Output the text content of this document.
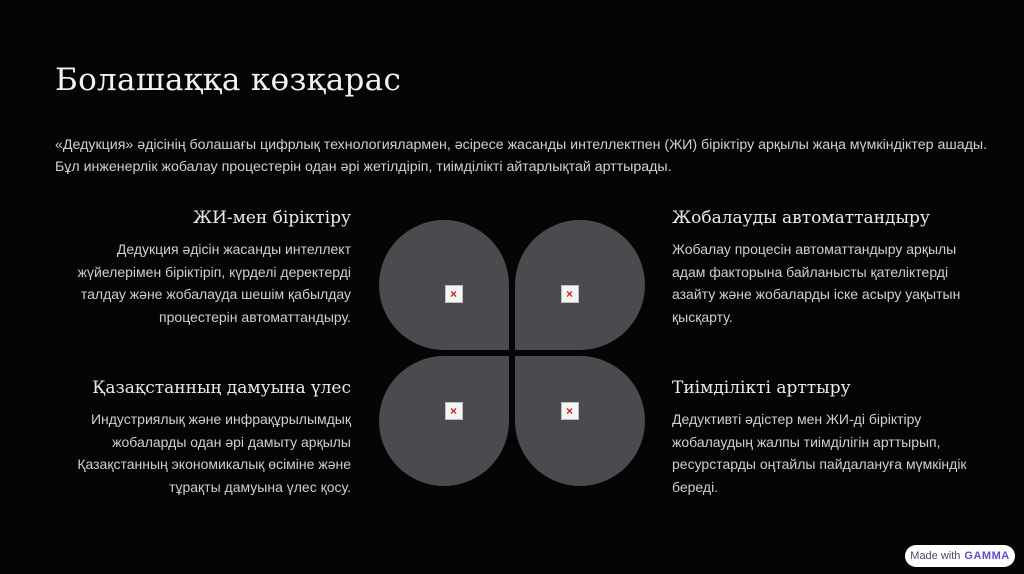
Болашаққа көзқарас

«Дедукция» әдісінің болашағы цифрлық технологиялармен, әсіресе жасанды интеллектпен (ЖИ) біріктіру арқылы жаңа мүмкіндіктер ашады.

Бұл инженерлік жобалау процестерін одан әрі жетілдіріп, тиімділікті айтарлықтай арттырады.

ЖИ-мен біріктіру

Дедукция әдісін жасанды интеллект
жүйелерімен біріктіріп, күрделі деректерді
талдау және жобалауда шешім қабылдау
процестерін автоматтандыру.

Жобалауды автоматтандыру

Жобалау процесін автоматтандыру арқылы
адам факторына байланысты қателіктерді
азайту және жобаларды іске асыру уақытын
қысқарту.

Қазақстанның дамуына үлес

Индустриялық және инфрақұрылымдық
жобаларды одан әрі дамыту арқылы
Қазақстанның экономикалық өсіміне және
тұрақты дамуына үлес қосу.

Тиімділікті арттыру

Дедуктивті әдістер мен ЖИ-ді біріктіру
жобалаудың жалпы тиімділігін арттырып,
ресурстарды оңтайлы пайдалануға мүмкіндік
береді.

×
×
×
×
Made with GAMMA
